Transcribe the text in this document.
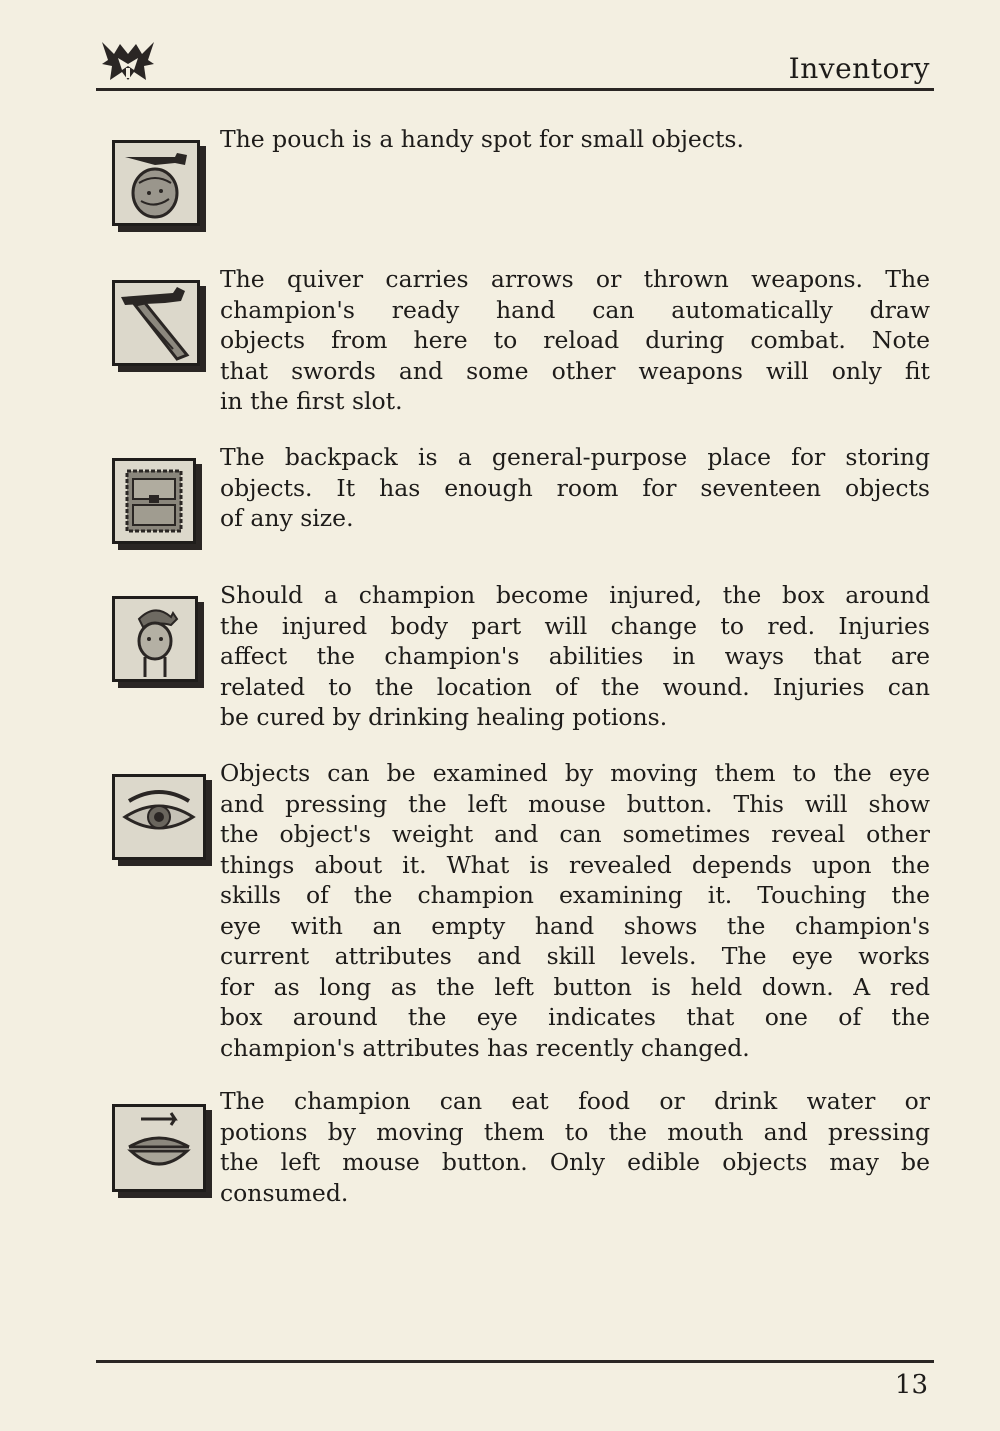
Inventory
The pouch is a handy spot for small objects.
The quiver carries arrows or thrown weapons. The
champion's ready hand can automatically draw
objects from here to reload during combat. Note
that swords and some other weapons will only fit
in the first slot.
The backpack is a general-purpose place for storing
objects. It has enough room for seventeen objects
of any size.
Should a champion become injured, the box around
the injured body part will change to red. Injuries
affect the champion's abilities in ways that are
related to the location of the wound. Injuries can
be cured by drinking healing potions.
Objects can be examined by moving them to the eye
and pressing the left mouse button. This will show
the object's weight and can sometimes reveal other
things about it. What is revealed depends upon the
skills of the champion examining it. Touching the
eye with an empty hand shows the champion's
current attributes and skill levels. The eye works
for as long as the left button is held down. A red
box around the eye indicates that one of the
champion's attributes has recently changed.
The champion can eat food or drink water or
potions by moving them to the mouth and pressing
the left mouse button. Only edible objects may be
consumed.
13
